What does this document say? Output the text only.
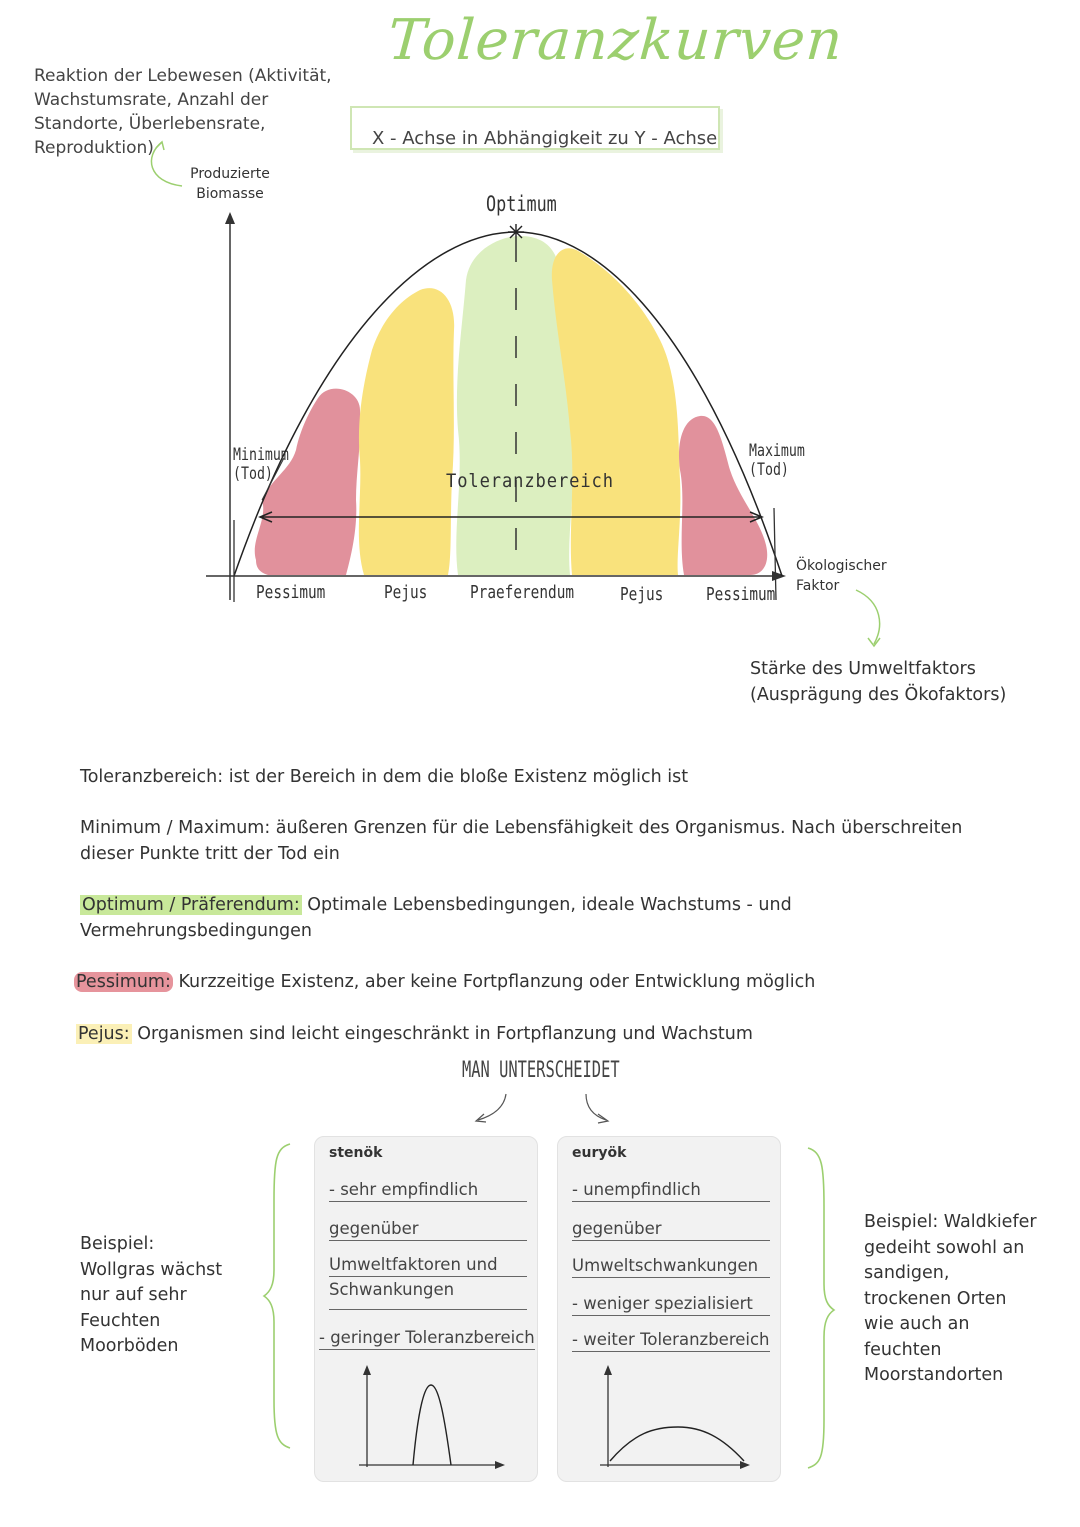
Toleranzkurven
Reaktion der Lebewesen (Aktivität, Wachstumsrate, Anzahl der Standorte, Überlebensrate, Reproduktion)	X - Achse in Abhängigkeit zu Y - Achse
Produzierte
Biomasse	Optimum
Minimum
(Tod)
Maximum
(Tod)
Toleranzbereich
Pessimum	Pejus Praeferendum	Pejus Pessimum
Ökologischer
Faktor
Stärke des Umweltfaktors
(Ausprägung des Ökofaktors)
Toleranzbereich: ist der Bereich in dem die bloße Existenz möglich ist
Minimum / Maximum: äußeren Grenzen für die Lebensfähigkeit des Organismus. Nach überschreiten dieser Punkte tritt der Tod ein
Optimum / Präferendum: Optimale Lebensbedingungen, ideale Wachstums - und Vermehrungsbedingungen
Pessimum: Kurzzeitige Existenz, aber keine Fortpflanzung oder Entwicklung möglich
Pejus: Organismen sind leicht eingeschränkt in Fortpflanzung und Wachstum
MAN UNTERSCHEIDET
stenök
- sehr empfindlich
gegenüber
Umweltfaktoren und
Schwankungen
- geringer Toleranzbereich
euryök
- unempfindlich
gegenüber
Umweltschwankungen
- weniger spezialisiert
- weiter Toleranzbereich
Beispiel:
Wollgras wächst
nur auf sehr
Feuchten
Moorböden
Beispiel: Waldkiefer
gedeiht sowohl an
sandigen,
trockenen Orten
wie auch an
feuchten
Moorstandorten
